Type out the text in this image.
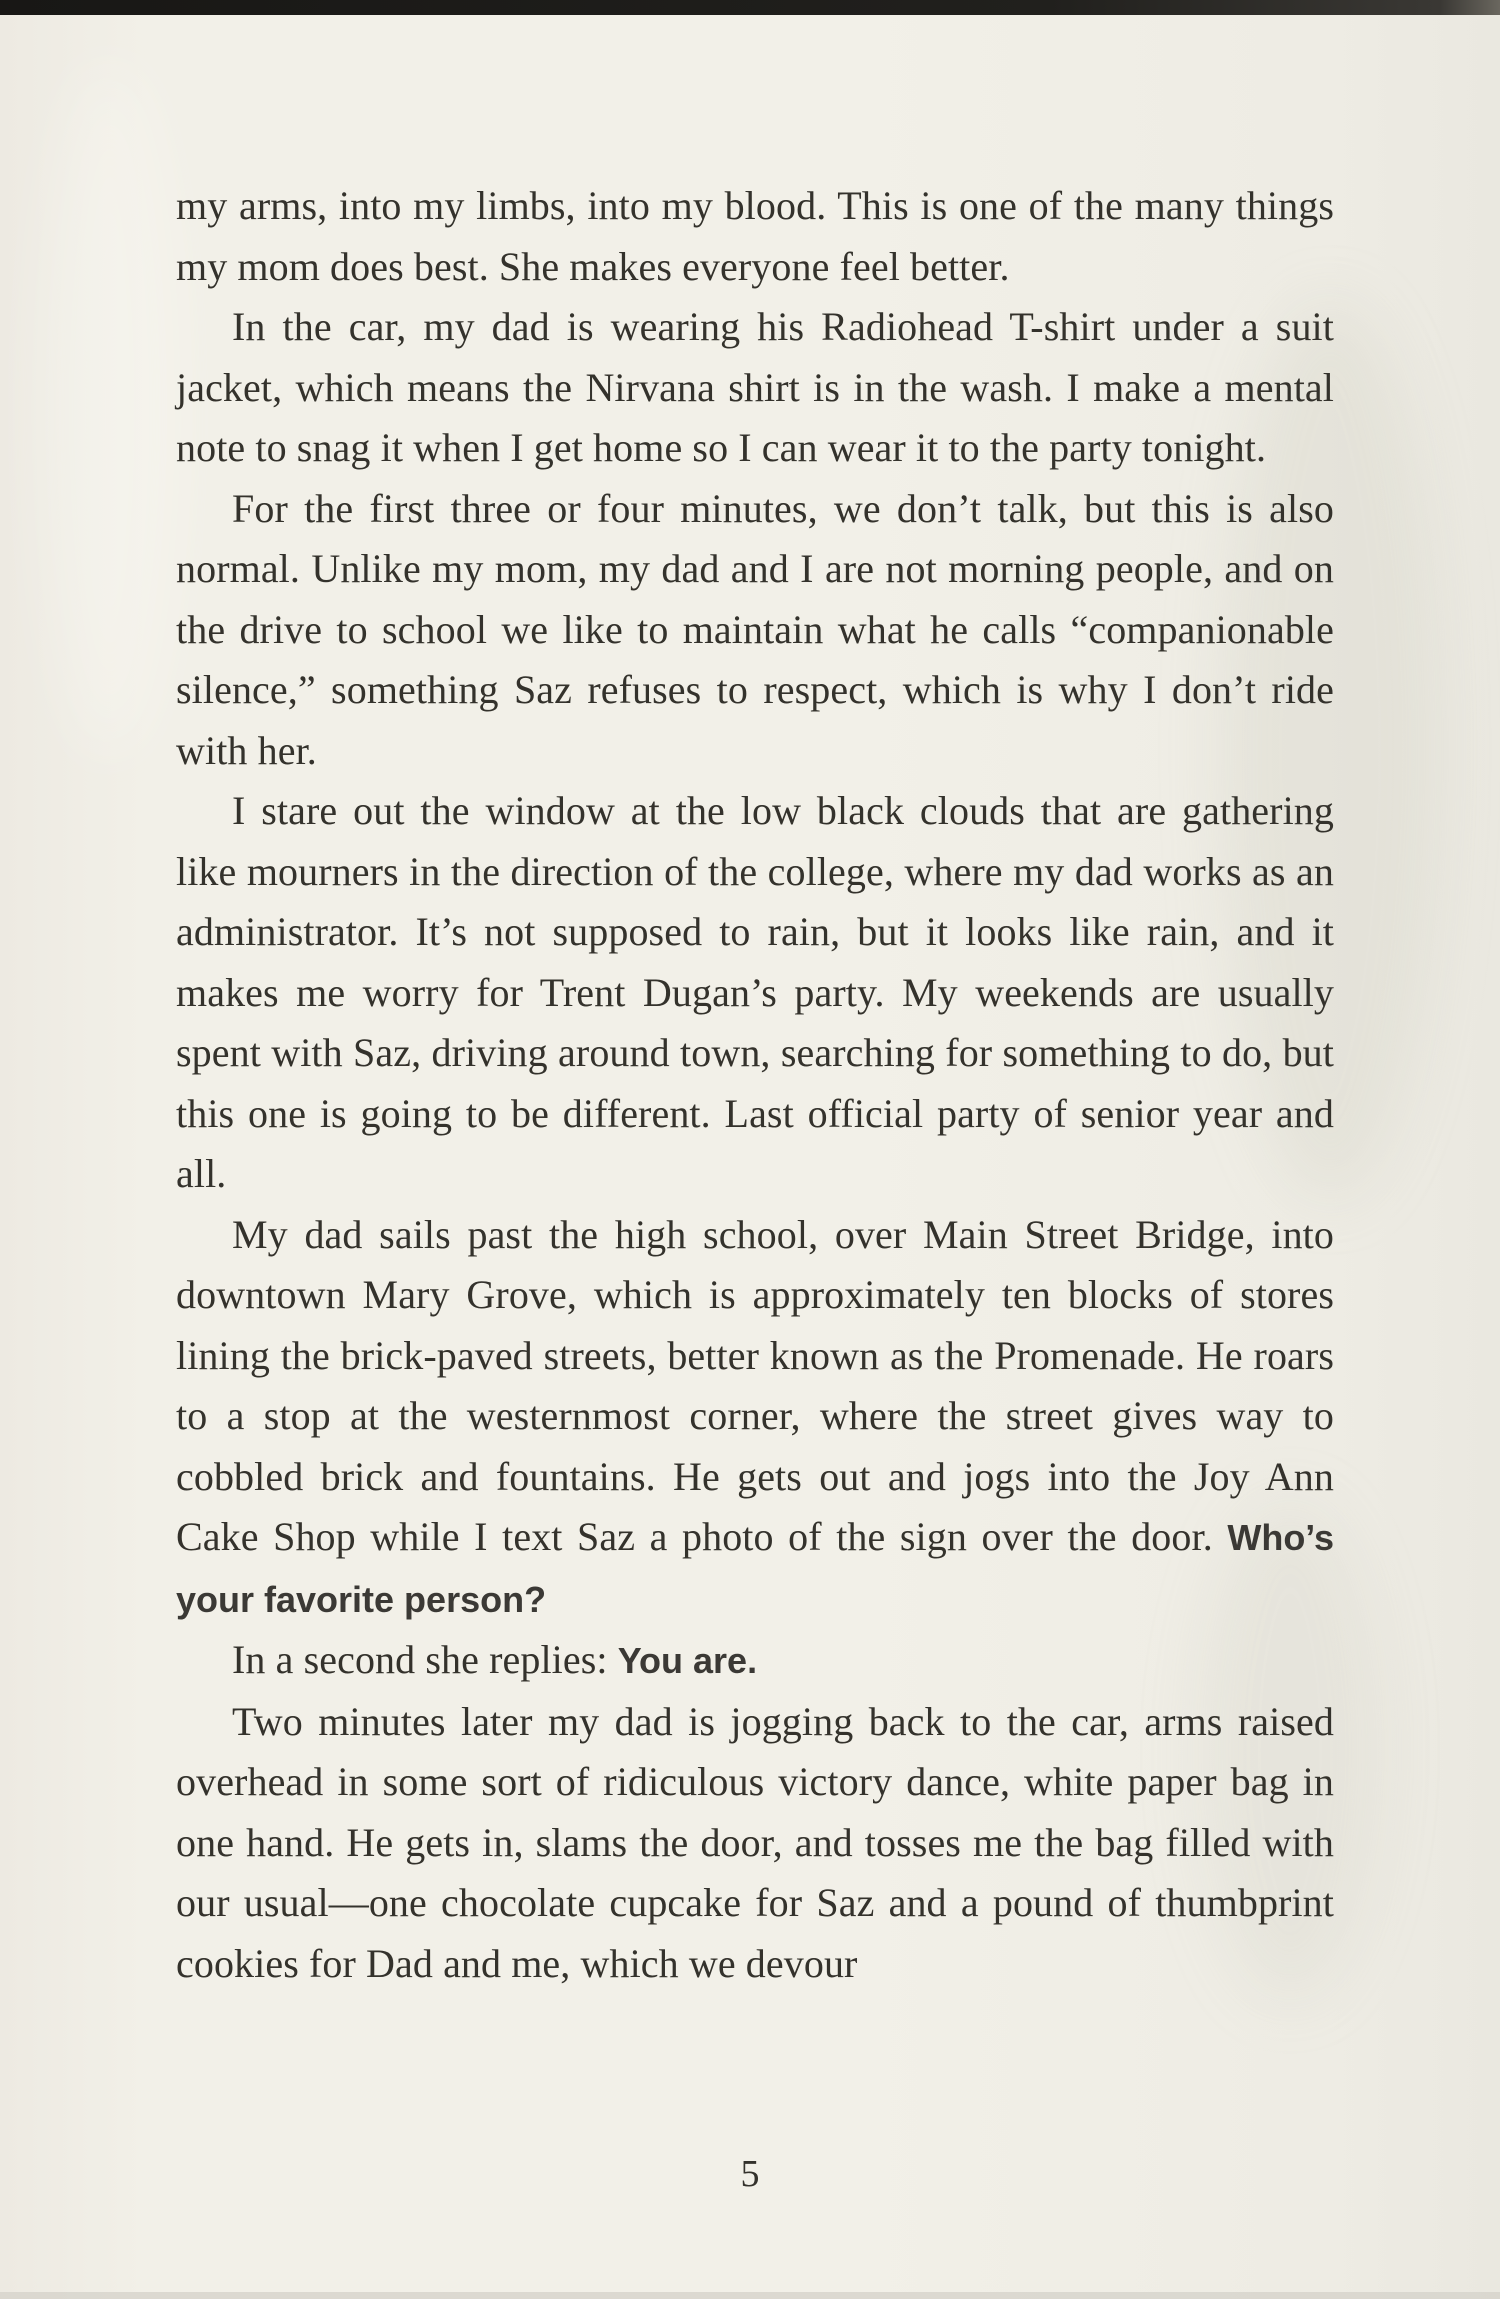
my arms, into my limbs, into my blood. This is one of the many things my mom does best. She makes everyone feel better.

In the car, my dad is wearing his Radiohead T-shirt under a suit jacket, which means the Nirvana shirt is in the wash. I make a mental note to snag it when I get home so I can wear it to the party tonight.

For the first three or four minutes, we don’t talk, but this is also normal. Unlike my mom, my dad and I are not morning people, and on the drive to school we like to maintain what he calls “companionable silence,” something Saz refuses to respect, which is why I don’t ride with her.

I stare out the window at the low black clouds that are gathering like mourners in the direction of the college, where my dad works as an administrator. It’s not supposed to rain, but it looks like rain, and it makes me worry for Trent Dugan’s party. My weekends are usually spent with Saz, driving around town, searching for something to do, but this one is going to be different. Last official party of senior year and all.

My dad sails past the high school, over Main Street Bridge, into downtown Mary Grove, which is approximately ten blocks of stores lining the brick-paved streets, better known as the Promenade. He roars to a stop at the westernmost corner, where the street gives way to cobbled brick and fountains. He gets out and jogs into the Joy Ann Cake Shop while I text Saz a photo of the sign over the door. Who’s your favorite person?

In a second she replies: You are.

Two minutes later my dad is jogging back to the car, arms raised overhead in some sort of ridiculous victory dance, white paper bag in one hand. He gets in, slams the door, and tosses me the bag filled with our usual—one chocolate cupcake for Saz and a pound of thumbprint cookies for Dad and me, which we devour

5
